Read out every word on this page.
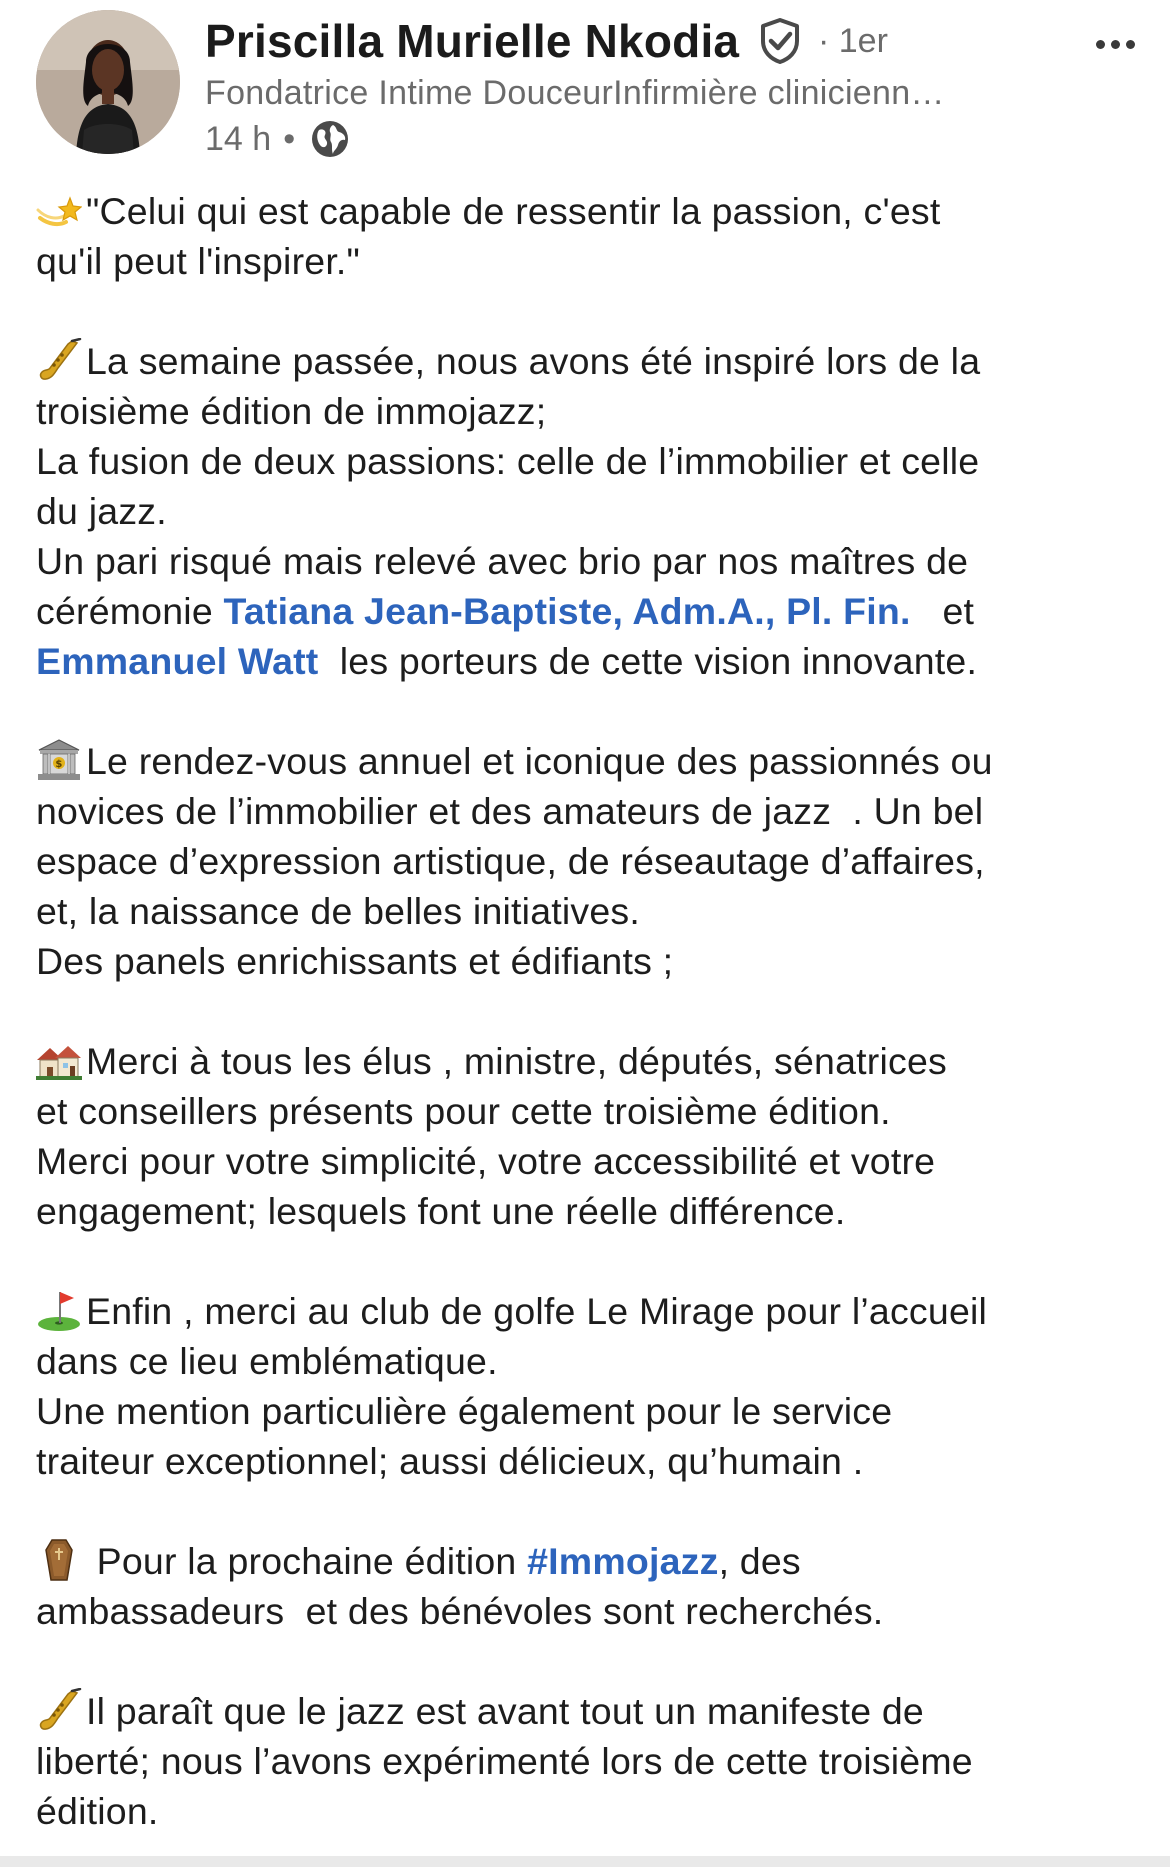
Priscilla Murielle Nkodia · 1er
Fondatrice Intime DouceurInfirmière clinicienn…
14 h •
"Celui qui est capable de ressentir la passion, c'est
qu'il peut l'inspirer."
La semaine passée, nous avons été inspiré lors de la
troisième édition de immojazz;
La fusion de deux passions: celle de l’immobilier et celle
du jazz.
Un pari risqué mais relevé avec brio par nos maîtres de
cérémonie Tatiana Jean-Baptiste, Adm.A., Pl. Fin.   et
Emmanuel Watt  les porteurs de cette vision innovante.
$ Le rendez-vous annuel et iconique des passionnés ou
novices de l’immobilier et des amateurs de jazz  . Un bel
espace d’expression artistique, de réseautage d’affaires,
et, la naissance de belles initiatives.
Des panels enrichissants et édifiants ;
Merci à tous les élus , ministre, députés, sénatrices
et conseillers présents pour cette troisième édition.
Merci pour votre simplicité, votre accessibilité et votre
engagement; lesquels font une réelle différence.
Enfin , merci au club de golfe Le Mirage pour l’accueil
dans ce lieu emblématique.
Une mention particulière également pour le service
traiteur exceptionnel; aussi délicieux, qu’humain .
Pour la prochaine édition #Immojazz, des
ambassadeurs  et des bénévoles sont recherchés.
Il paraît que le jazz est avant tout un manifeste de
liberté; nous l’avons expérimenté lors de cette troisième
édition.
